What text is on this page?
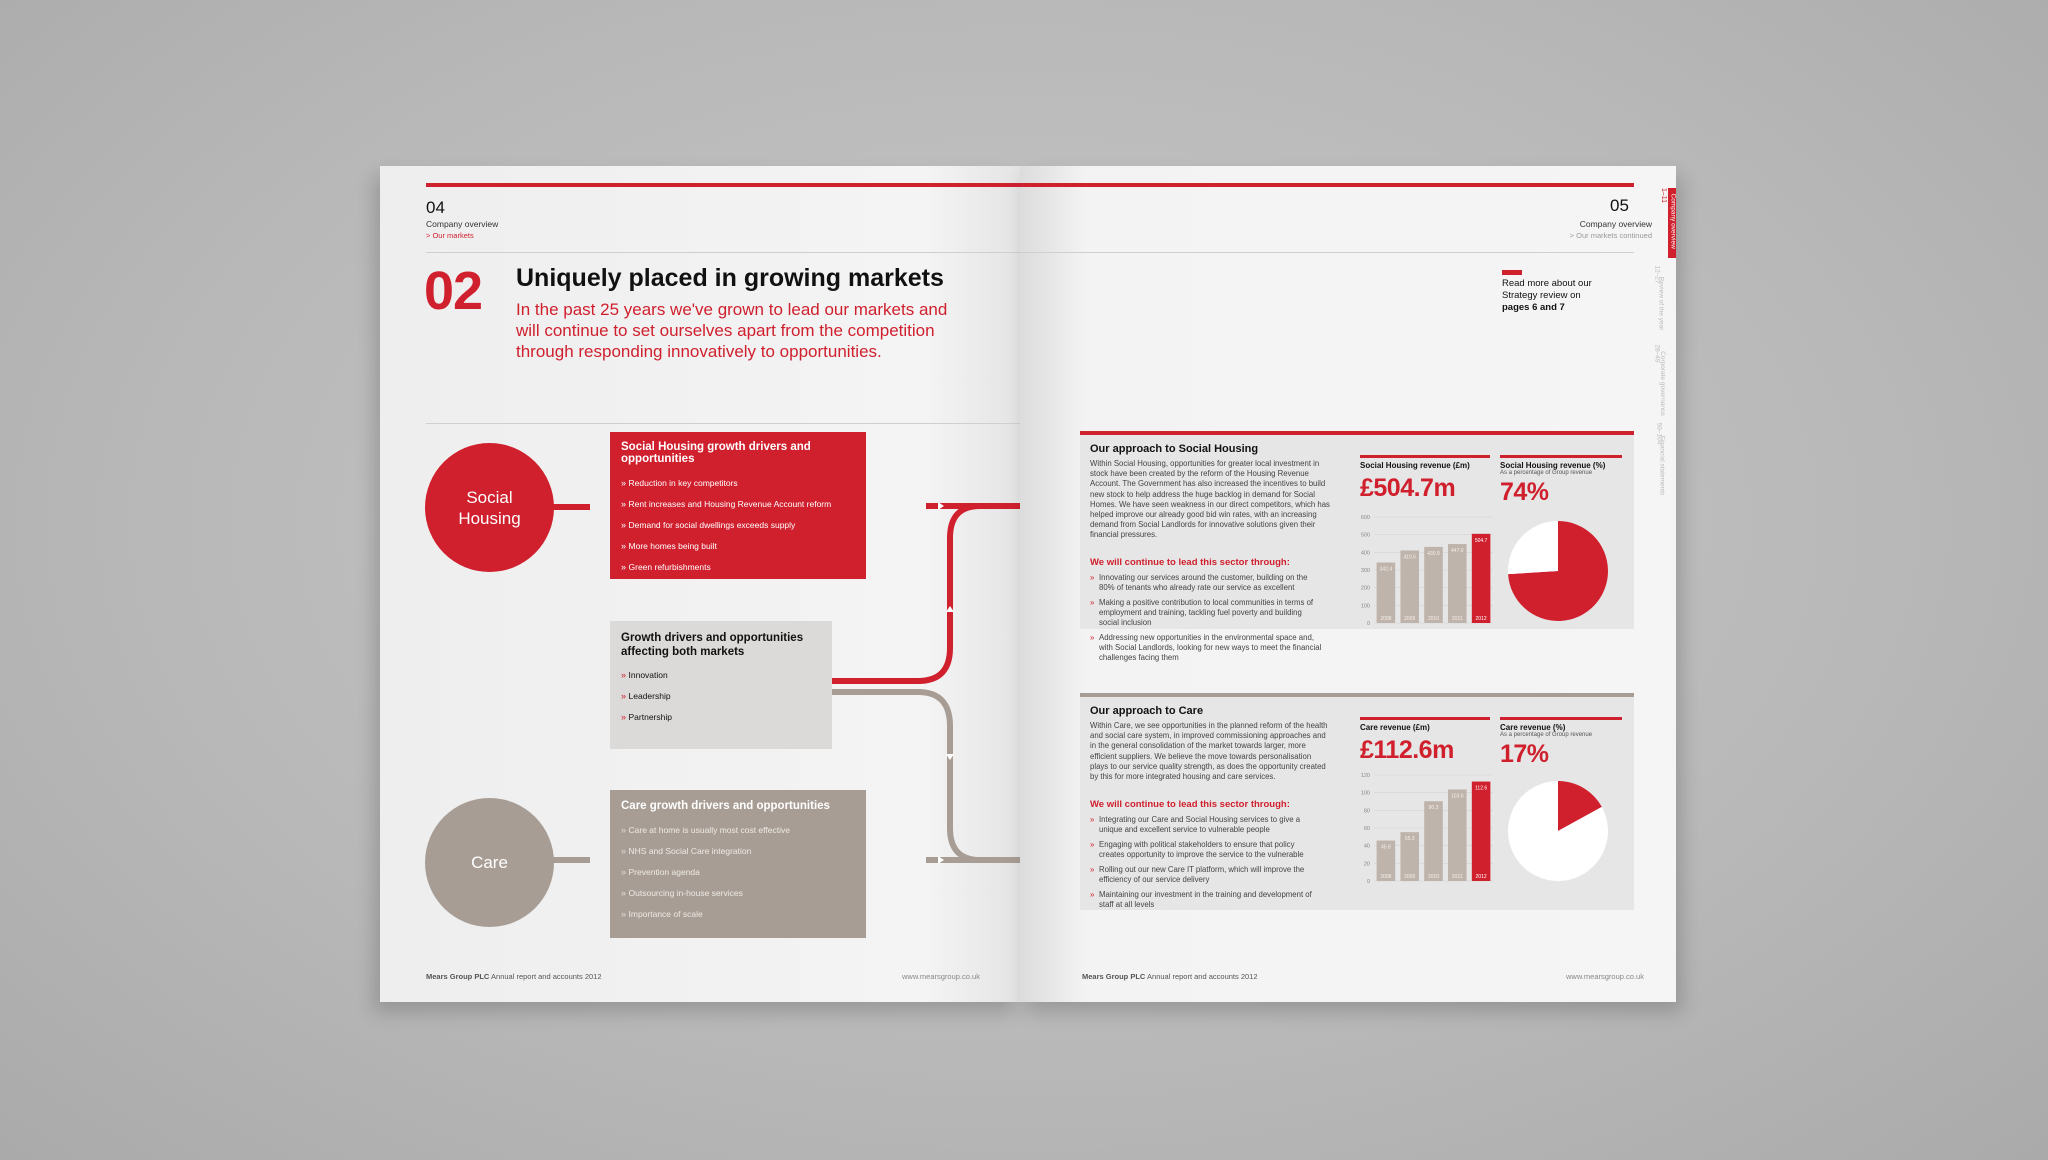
04
Company overview
> Our markets
02 Uniquely placed in growing markets
In the past 25 years we've grown to lead our markets and
will continue to set ourselves apart from the competition
through responding innovatively to opportunities.
Social
Housing
Care
Social Housing growth drivers and opportunities
» Reduction in key competitors
» Rent increases and Housing Revenue Account reform
» Demand for social dwellings exceeds supply
» More homes being built
» Green refurbishments
Growth drivers and opportunities
affecting both markets
» Innovation
» Leadership
» Partnership
Care growth drivers and opportunities
» Care at home is usually most cost effective
» NHS and Social Care integration
» Prevention agenda
» Outsourcing in-house services
» Importance of scale
Mears Group PLC Annual report and accounts 2012	www.mearsgroup.co.uk
05
Company overview
> Our markets continued
Read more about our
Strategy review on
pages 6 and 7
Company overview
1–11
12–27
Review of the year
28–49
Corporate governance
50–104
Financial statements
Our approach to Social Housing
Within Social Housing, opportunities for greater local investment in stock have been created by the reform of the Housing Revenue Account. The Government has also increased the incentives to build new stock to help address the huge backlog in demand for Social Homes. We have seen weakness in our direct competitors, which has helped improve our already good bid win rates, with an increasing demand from Social Landlords for innovative solutions given their financial pressures.
We will continue to lead this sector through:
» Innovating our services around the customer, building on the 80% of tenants who already rate our service as excellent
» Making a positive contribution to local communities in terms of employment and training, tackling fuel poverty and building social inclusion
» Addressing new opportunities in the environmental space and, with Social Landlords, looking for new ways to meet the financial challenges facing them
Social Housing revenue (£m)
£504.7m
Social Housing revenue (%)
As a percentage of Group revenue
74%
0
100
200
300
400
500
600
342.4
2008
410.5
2009
430.9
2010
447.0
2011
504.7
2012
Our approach to Care
Within Care, we see opportunities in the planned reform of the health and social care system, in improved commissioning approaches and in the general consolidation of the market towards larger, more efficient suppliers. We believe the move towards personalisation plays to our service quality strength, as does the opportunity created by this for more integrated housing and care services.
We will continue to lead this sector through:
» Integrating our Care and Social Housing services to give a unique and excellent service to vulnerable people
» Engaging with political stakeholders to ensure that policy creates opportunity to improve the service to the vulnerable
» Rolling out our new Care IT platform, which will improve the efficiency of our service delivery
» Maintaining our investment in the training and development of staff at all levels
Care revenue (£m)
£112.6m
Care revenue (%)
As a percentage of Group revenue
17%
0
20
40
60
80
100
120
45.8
2008
55.3
2009
90.3
2010
103.6
2011
112.6
2012
Mears Group PLC Annual report and accounts 2012	www.mearsgroup.co.uk
